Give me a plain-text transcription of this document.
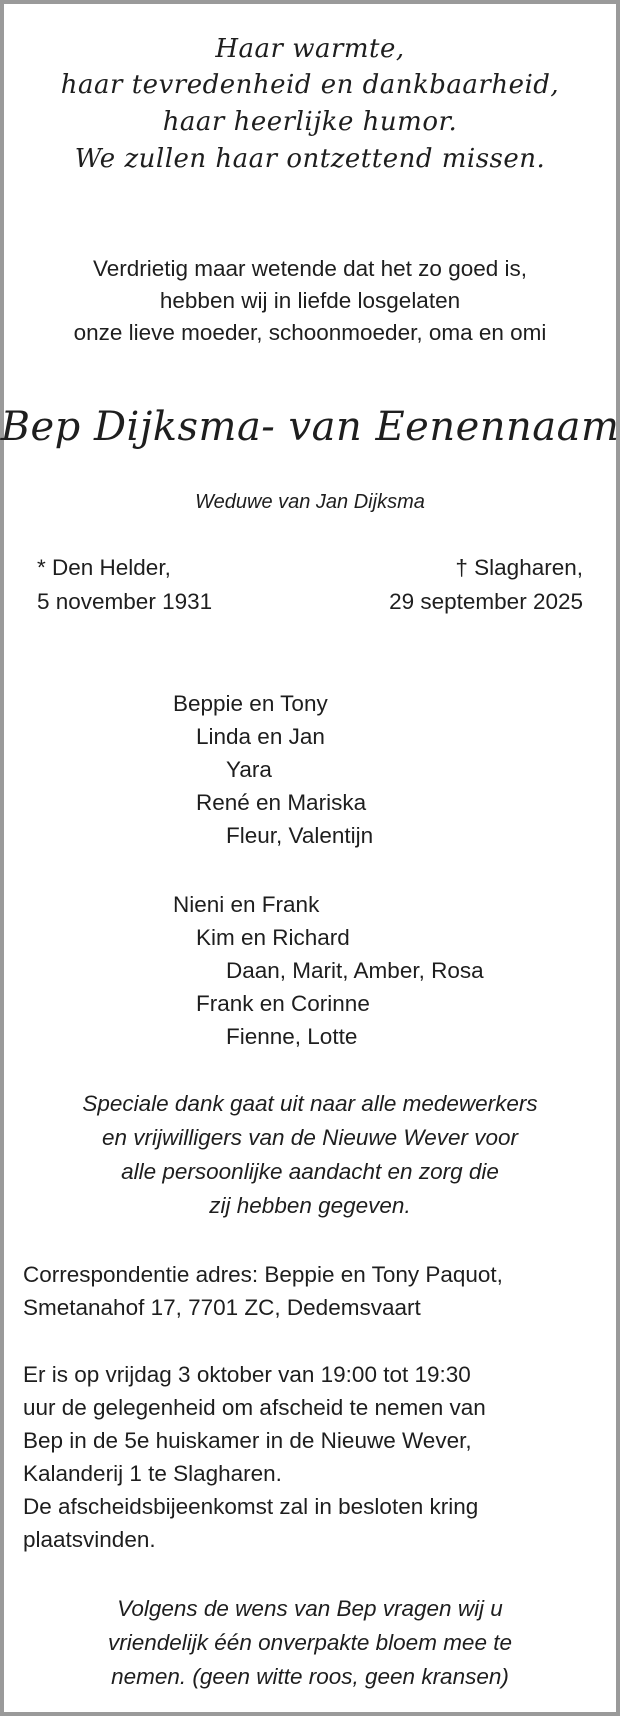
Haar warmte,

haar tevredenheid en dankbaarheid,

haar heerlijke humor.

We zullen haar ontzettend missen.

Verdrietig maar wetende dat het zo goed is,

hebben wij in liefde losgelaten

onze lieve moeder, schoonmoeder, oma en omi

Bep Dijksma- van Eenennaam

Weduwe van Jan Dijksma

* Den Helder,

5 november 1931

† Slagharen,

29 september 2025

Beppie en Tony

Linda en Jan

Yara

René en Mariska

Fleur, Valentijn

Nieni en Frank

Kim en Richard

Daan, Marit, Amber, Rosa

Frank en Corinne

Fienne, Lotte

Speciale dank gaat uit naar alle medewerkers

en vrijwilligers van de Nieuwe Wever voor

alle persoonlijke aandacht en zorg die

zij hebben gegeven.

Correspondentie adres: Beppie en Tony Paquot,

Smetanahof 17, 7701 ZC, Dedemsvaart

Er is op vrijdag 3 oktober van 19:00 tot 19:30

uur de gelegenheid om afscheid te nemen van

Bep in de 5e huiskamer in de Nieuwe Wever,

Kalanderij 1 te Slagharen.

De afscheidsbijeenkomst zal in besloten kring

plaatsvinden.

Volgens de wens van Bep vragen wij u

vriendelijk één onverpakte bloem mee te

nemen. (geen witte roos, geen kransen)
